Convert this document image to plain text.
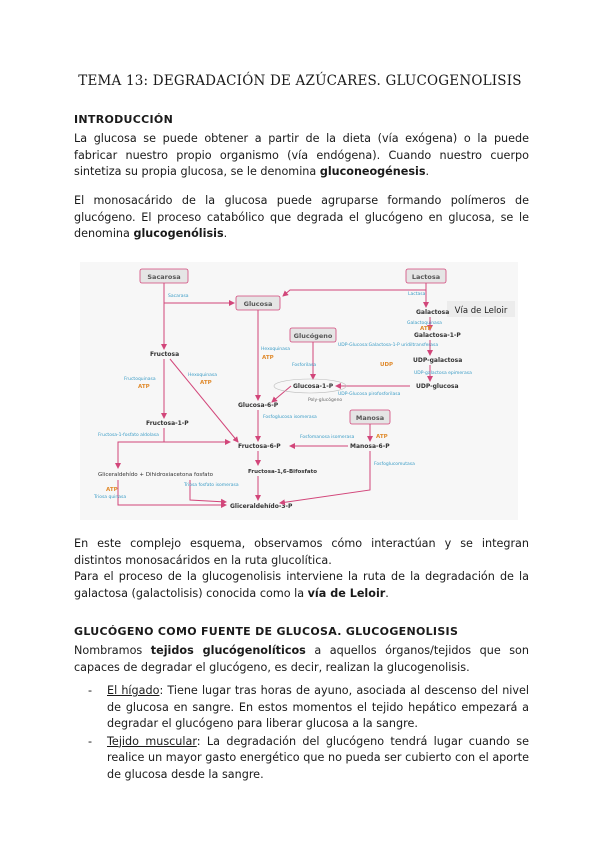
TEMA 13: DEGRADACIÓN DE AZÚCARES. GLUCOGENOLISIS
INTRODUCCIÓN

La glucosa se puede obtener a partir de la dieta (vía exógena) o la puede fabricar nuestro propio organismo (vía endógena). Cuando nuestro cuerpo sintetiza su propia glucosa, se le denomina gluconeogénesis.

El monosacárido de la glucosa puede agruparse formando polímeros de glucógeno. El proceso catabólico que degrada el glucógeno en glucosa, se le denomina glucogenólisis.

Sacarosa	Lactosa
Glucosa
Glucógeno
Manosa
Vía de Leloir
Fructosa
Galactosa
Galactosa-1-P
UDP-galactosa
UDP-glucosa
Glucosa-1-P
Glucosa-6-P
Fructosa-1-P
Fructosa-6-P	Manosa-6-P
Fructosa-1,6-Bifosfato
Gliceraldehído + Dihidroxiacetona fosfato
Gliceraldehído-3-P
Sacarasa	Lactasa
Galactoquinasa
Hexoquinasa
Fosforilasa
Hexoquinasa
Fructoquinasa
Fructosa-1-fosfato aldolasa
Fosfoglucosa isomerasa
Fosfomanosa isomerasa
Triosa fosfato isomerasa
Triosa quinasa
UDP-Glucosa:Galactosa-1-P uridiltransferasa
UDP-galactosa epimerasa
UDP-Glucosa pirofosforilasa
Fosfoglucomutasa
Poly-glucógeno
ATP
ATP
ATP
ATP
ATP
ATP
UDP

En este complejo esquema, observamos cómo interactúan y se integran distintos monosacáridos en la ruta glucolítica.

Para el proceso de la glucogenolisis interviene la ruta de la degradación de la galactosa (galactolisis) conocida como la vía de Leloir.

GLUCÓGENO COMO FUENTE DE GLUCOSA. GLUCOGENOLISIS

Nombramos tejidos glucógenolíticos a aquellos órganos/tejidos que son capaces de degradar el glucógeno, es decir, realizan la glucogenolisis.

- El hígado: Tiene lugar tras horas de ayuno, asociada al descenso del nivel de glucosa en sangre. En estos momentos el tejido hepático empezará a degradar el glucógeno para liberar glucosa a la sangre.
- Tejido muscular: La degradación del glucógeno tendrá lugar cuando se realice un mayor gasto energético que no pueda ser cubierto con el aporte de glucosa desde la sangre.
